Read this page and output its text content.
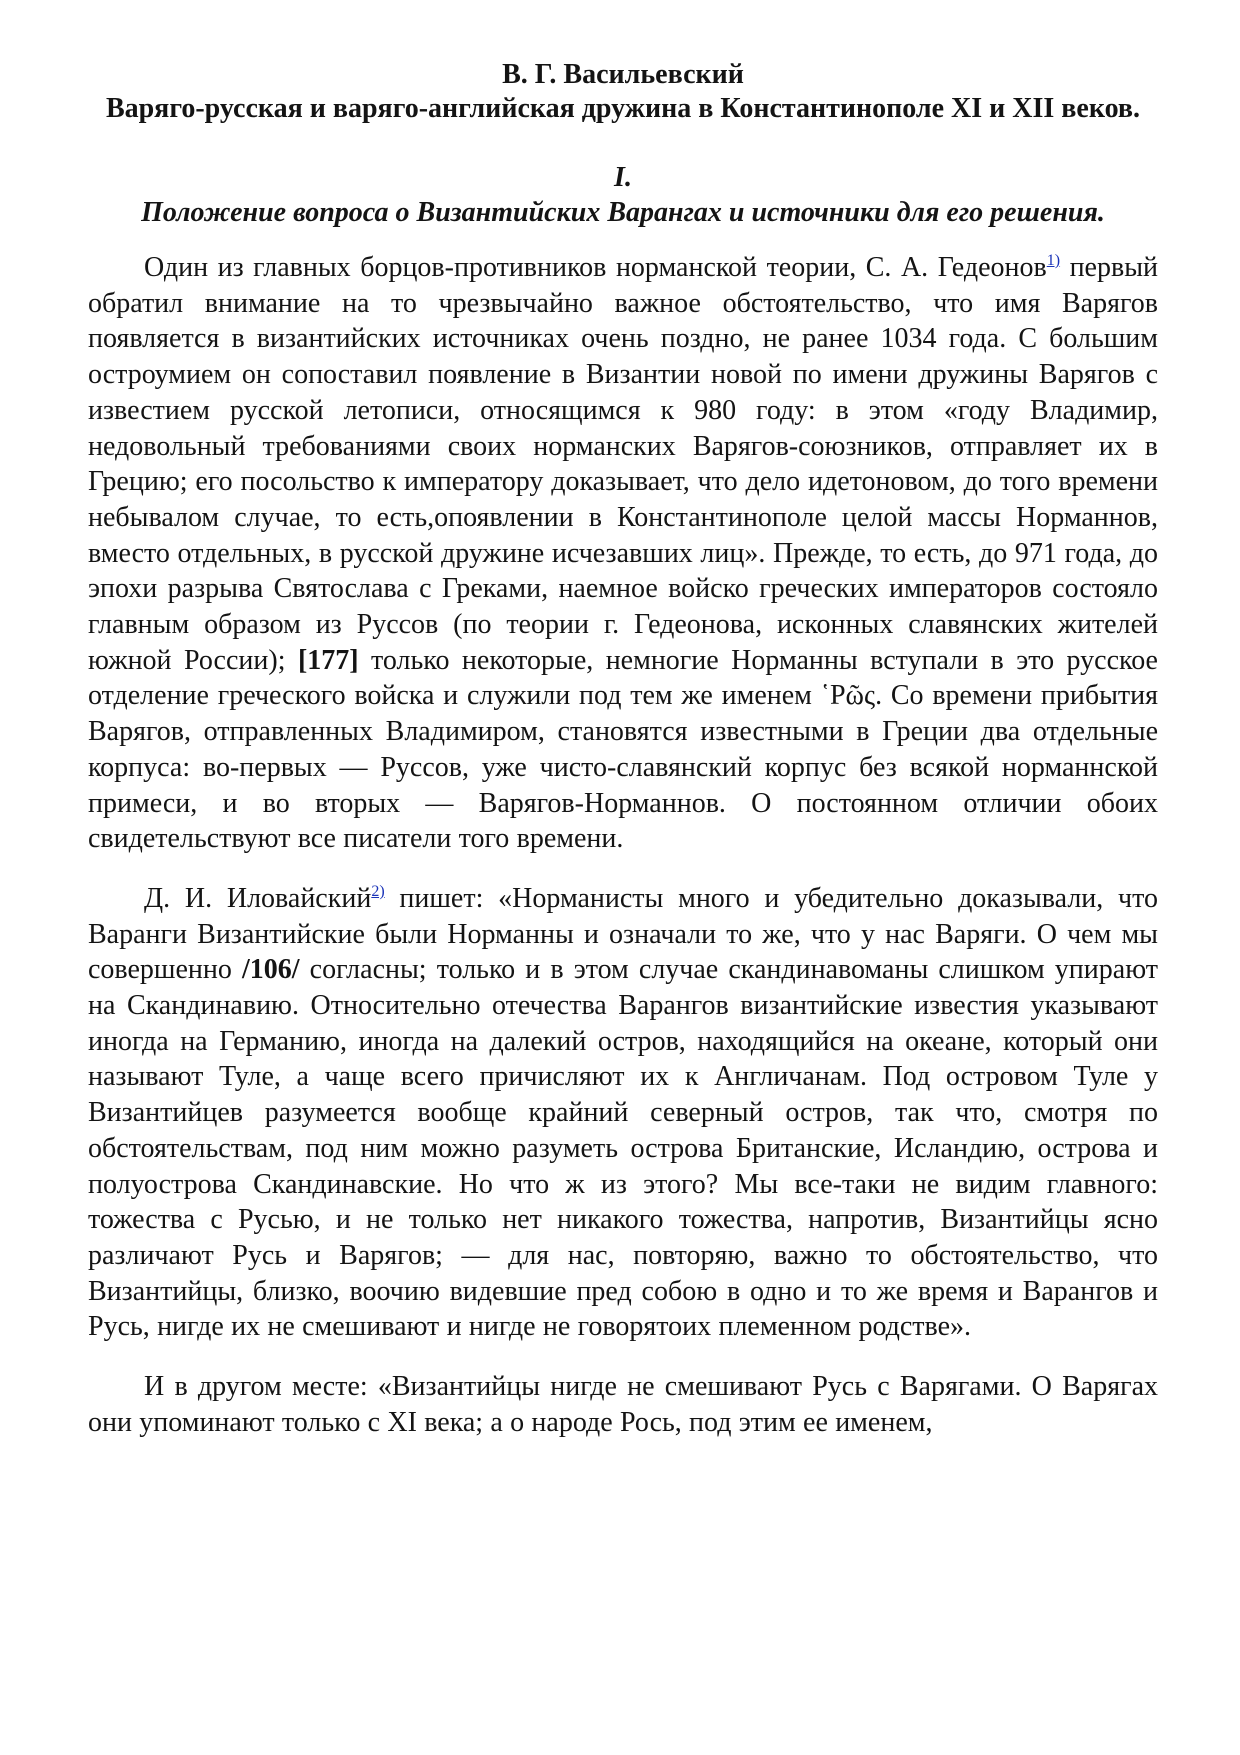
В. Г. Васильевский

Варяго-русская и варяго-английская дружина в Константинополе XI и XII веков.

I.

Положение вопроса о Византийских Варангах и источники для его решения.

Один из главных борцов-противников норманской теории, С. А. Гедеонов$^{1)}$ первый обратил внимание на то чрезвычайно важное обстоятельство, что имя Варягов появляется в византийских источниках очень поздно, не ранее 1034 года. С большим остроумием он сопоставил появление в Византии новой по имени дружины Варягов с известием русской летописи, относящимся к 980 году: в этом «году Владимир, недовольный требованиями своих норманских Варягов-союзников, отправляет их в Грецию; его посольство к императору доказывает, что дело идетоновом, до того времени небывалом случае, то есть,опоявлении в Константинополе целой массы Норманнов, вместо отдельных, в русской дружине исчезавших лиц». Прежде, то есть, до 971 года, до эпохи разрыва Святослава с Греками, наемное войско греческих императоров состояло главным образом из Руссов (по теории г. Гедеонова, исконных славянских жителей южной России); [177] только некоторые, немногие Норманны вступали в это русское отделение греческого войска и служили под тем же именем ῾Ρῶς. Со времени прибытия Варягов, отправленных Владимиром, становятся известными в Греции два отдельные корпуса: во-первых — Руссов, уже чисто-славянский корпус без всякой норманнской примеси, и во вторых — Варягов-Норманнов. О постоянном отличии обоих свидетельствуют все писатели того времени.

Д. И. Иловайский$^{2)}$ пишет: «Норманисты много и убедительно доказывали, что Варанги Византийские были Норманны и означали то же, что у нас Варяги. О чем мы совершенно /106/ согласны; только и в этом случае скандинавоманы слишком упирают на Скандинавию. Относительно отечества Варангов византийские известия указывают иногда на Германию, иногда на далекий остров, находящийся на океане, который они называют Туле, а чаще всего причисляют их к Англичанам. Под островом Туле у Византийцев разумеется вообще крайний северный остров, так что, смотря по обстоятельствам, под ним можно разуметь острова Британские, Исландию, острова и полуострова Скандинавские. Но что ж из этого? Мы все-таки не видим главного: тожества с Русью, и не только нет никакого тожества, напротив, Византийцы ясно различают Русь и Варягов; — для нас, повторяю, важно то обстоятельство, что Византийцы, близко, воочию видевшие пред собою в одно и то же время и Варангов и Русь, нигде их не смешивают и нигде не говорятоих племенном родстве».

И в другом месте: «Византийцы нигде не смешивают Русь с Варягами. О Варягах они упоминают только с XI века; а о народе Рось, под этим ее именем,
